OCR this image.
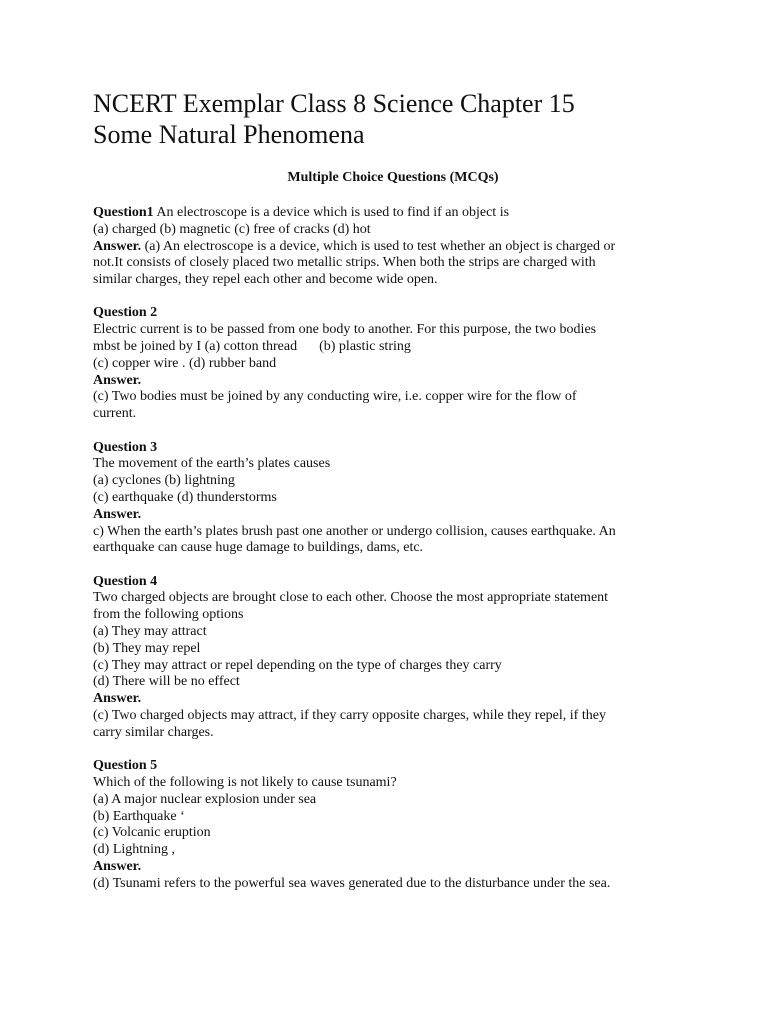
NCERT Exemplar Class 8 Science Chapter 15
Some Natural Phenomena

Multiple Choice Questions (MCQs)

Question1 An electroscope is a device which is used to find if an object is

(a) charged (b) magnetic (c) free of cracks (d) hot

Answer. (a) An electroscope is a device, which is used to test whether an object is charged or

not.It consists of closely placed two metallic strips. When both the strips are charged with

similar charges, they repel each other and become wide open.

Question 2

Electric current is to be passed from one body to another. For this purpose, the two bodies

mbst be joined by I (a) cotton thread (b) plastic string

(c) copper wire . (d) rubber band

Answer.

(c) Two bodies must be joined by any conducting wire, i.e. copper wire for the flow of

current.

Question 3

The movement of the earth’s plates causes

(a) cyclones (b) lightning

(c) earthquake (d) thunderstorms

Answer.

c) When the earth’s plates brush past one another or undergo collision, causes earthquake. An

earthquake can cause huge damage to buildings, dams, etc.

Question 4

Two charged objects are brought close to each other. Choose the most appropriate statement

from the following options

(a) They may attract

(b) They may repel

(c) They may attract or repel depending on the type of charges they carry

(d) There will be no effect

Answer.

(c) Two charged objects may attract, if they carry opposite charges, while they repel, if they

carry similar charges.

Question 5

Which of the following is not likely to cause tsunami?

(a) A major nuclear explosion under sea

(b) Earthquake ‘

(c) Volcanic eruption

(d) Lightning ,

Answer.

(d) Tsunami refers to the powerful sea waves generated due to the disturbance under the sea.
